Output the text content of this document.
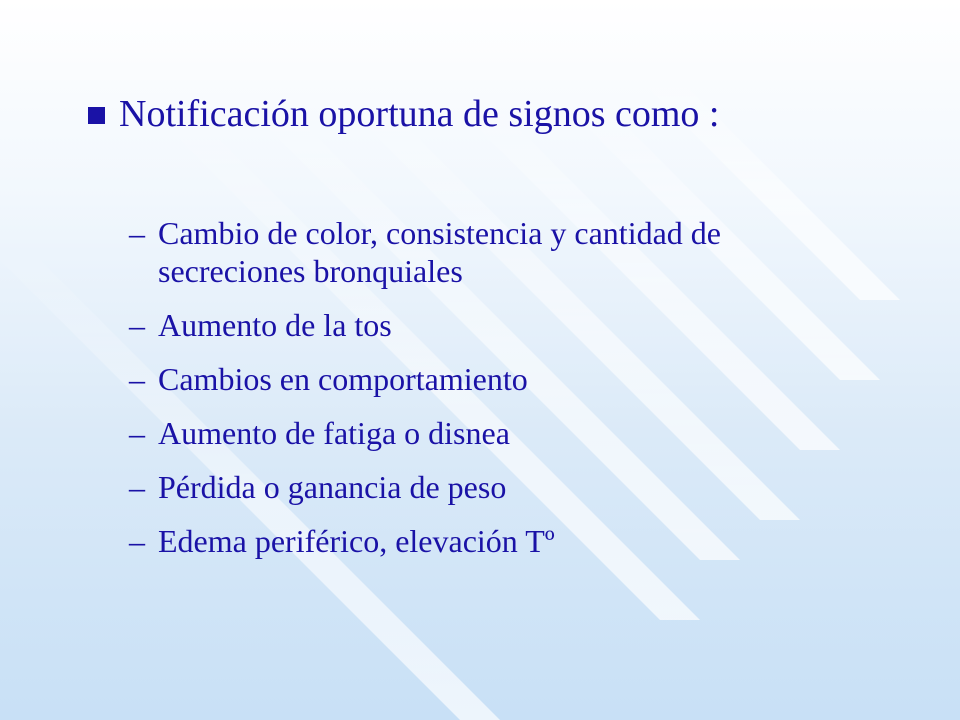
Notificación oportuna de signos como :
– Cambio de color, consistencia y cantidad de secreciones bronquiales
– Aumento de la tos
– Cambios en comportamiento
– Aumento de fatiga o disnea
– Pérdida o ganancia de peso
– Edema periférico, elevación Tº
